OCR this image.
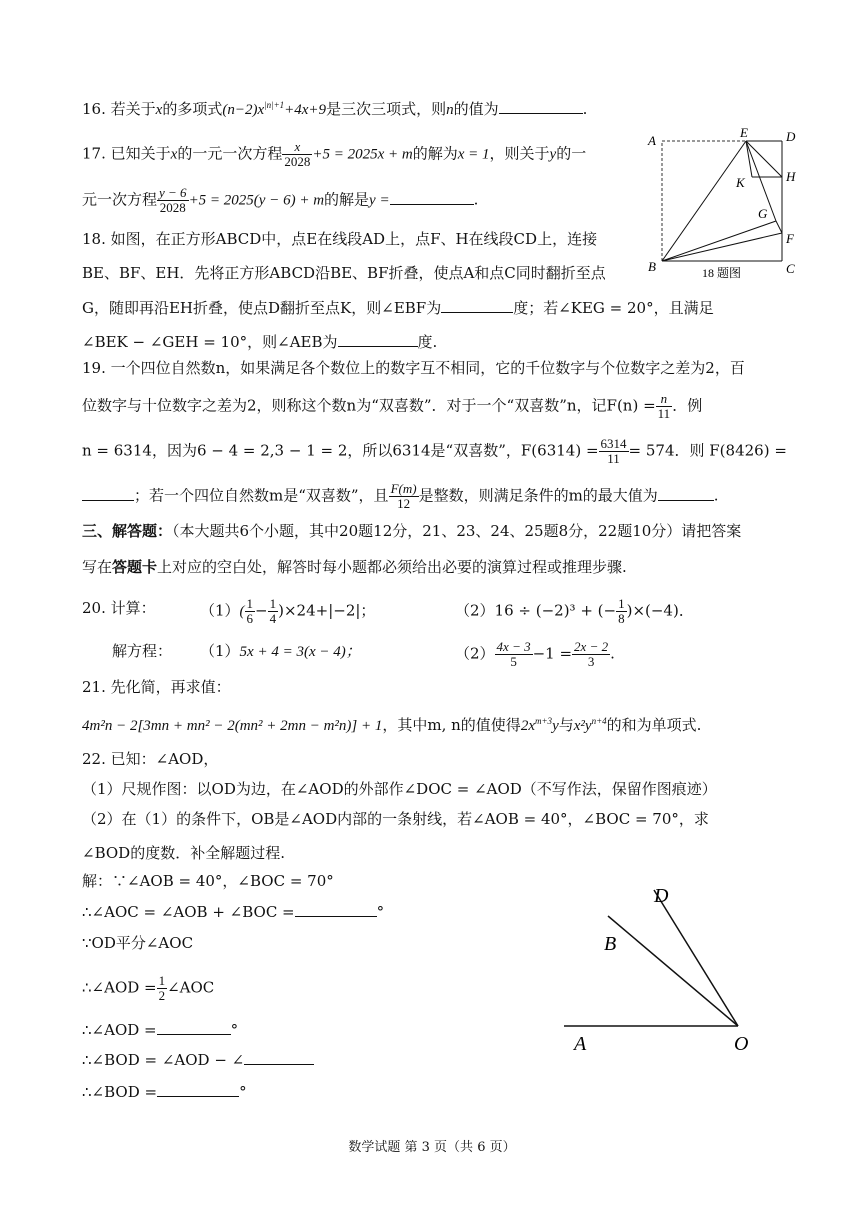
16. 若关于x的多项式$(n-2)x^{|n|+1}+4x+9$是三次三项式，则n的值为	.
17. 已知关于x的一元一次方程 $\frac{x}{2028} +5 = 2025x + m$的解为x = 1，则关于y的一
元一次方程 $\frac{y - 6}{2028} +5 = 2025(y - 6) + m$的解是y =	.
A
E	D
H
K
G
F
B	C
18 题图
18. 如图，在正方形ABCD中，点E在线段AD上，点F、H在线段CD上，连接
BE、BF、EH．先将正方形ABCD沿BE、BF折叠，使点A和点C同时翻折至点
G，随即再沿EH折叠，使点D翻折至点K，则∠EBF为	度；若∠KEG = 20°，且满足
∠BEK − ∠GEH = 10°，则∠AEB为	度.
19. 一个四位自然数n，如果满足各个数位上的数字互不相同，它的千位数字与个位数字之差为2，百
位数字与十位数字之差为2，则称这个数n为“双喜数”．对于一个“双喜数”n，记$F(n) = \frac{n}{11}$ ．例
n = 6314，因为6 − 4 = 2,3 − 1 = 2，所以6314是“双喜数”，$F(6314) = \frac{6314}{11} = 574$．则 F(8426) =
；若一个四位自然数m是“双喜数”，且 $\frac{F(m)}{12}$ 是整数，则满足条件的m的最大值为	.
三、解答题：（本大题共6个小题，其中20题12分，21、23、24、25题8分，22题10分）请把答案
写在答题卡上对应的空白处，解答时每小题都必须给出必要的演算过程或推理步骤.
20. 计算：	$(1)( \frac{1}{6} - \frac{1}{4} )\times 24+|-2|$；	（2）16 ÷ (−2)³ + (− $\frac{1}{8} )\times(-4)$．
解方程： （1）5x + 4 = 3(x − 4)；	$(2) \frac{4x - 3}{5} -1 = \frac{2x - 2}{3}$ .
21. 先化简，再求值：
4m²n − 2[3mn + mn² − 2(mn² + 2mn − m²n)] + 1，其中m, n的值使得$2x^{m+3}y$与$x^2y^{n+4}$的和为单项式.
22. 已知：∠AOD，
（1）尺规作图：以OD为边，在∠AOD的外部作∠DOC = ∠AOD（不写作法，保留作图痕迹）
（2）在（1）的条件下，OB是∠AOD内部的一条射线，若∠AOB = 40°，∠BOC = 70°，求
∠BOD的度数．补全解题过程.
解：∵∠AOB = 40°，∠BOC = 70°
∴∠AOC = ∠AOB + ∠BOC =	°
∵OD平分∠AOC
∴∠AOD = $\frac{1}{2}$ ∠AOC
∴∠AOD =	°
∴∠BOD = ∠AOD − ∠
∴∠BOD =	°
D
B
A	O
数学试题 第 3 页（共 6 页）
